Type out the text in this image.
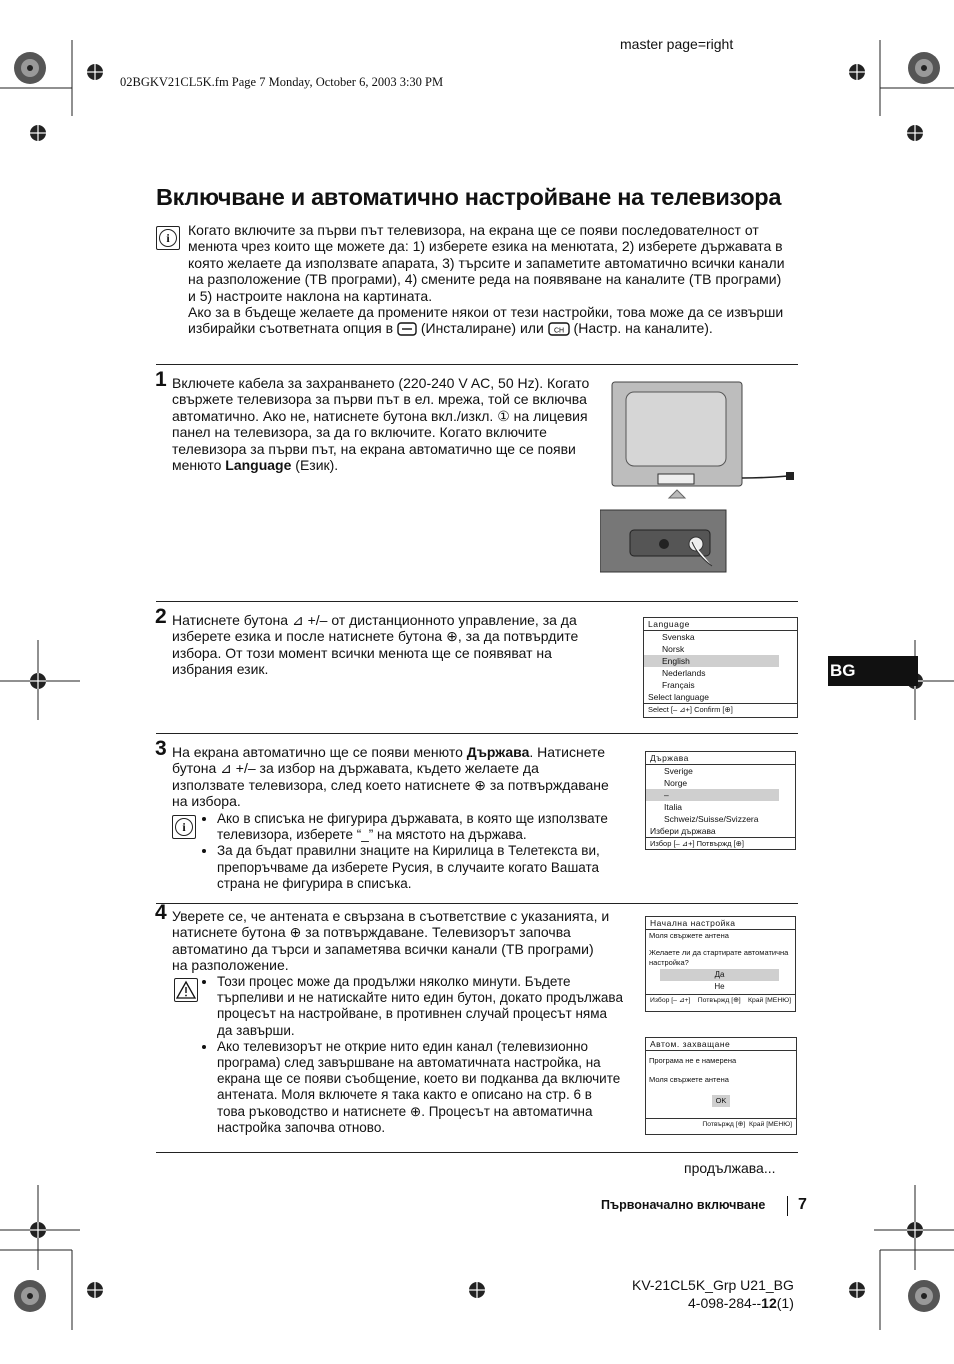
master page=right
02BGKV21CL5K.fm Page 7 Monday, October 6, 2003 3:30 PM
Включване и автоматично настройване на телевизора
i	Когато включите за първи път телевизора, на екрана ще се появи последователност от менюта чрез които ще можете да: 1) изберете езика на менютата, 2) изберете държавата в която желаете да използвате апарата, 3) търсите и запаметите автоматично всички канали на разположение (ТВ програми), 4) смените реда на появяване на каналите (ТВ програми) и 5) настроите наклона на картината.
Ако за в бъдеще желаете да промените някои от тези настройки, това може да се извърши избирайки съответната опция в  (Инсталиране) или CH (Настр. на каналите).
1 Включете кабела за захранването (220-240 V AC, 50 Hz). Когато свържете телевизора за първи път в ел. мрежа, той се включва автоматично. Ако не, натиснете бутона вкл./изкл. ① на лицевия панел на телевизора, за да го включите. Когато включите телевизора за първи път, на екрана автоматично ще се появи менюто Language (Език).
2 Натиснете бутона ⊿ +/– от дистанционното управление, за да изберете езика и после натиснете бутона ⊕, за да потвърдите избора. От този момент всички менюта ще се появяват на избрания език.
Language
Svenska
Norsk
English
Nederlands
Français
Select language
Select [– ⊿+] Confirm [⊕]
BG
3 На екрана автоматично ще се появи менюто Държава. Натиснете бутона ⊿ +/– за избор на държавата, където желаете да използвате телевизора, след което натиснете ⊕ за потвърждаване на избора.
i
• Ако в списъка не фигурира държавата, в която ще използвате телевизора, изберете “_” на мястото на държава.
• За да бъдат правилни знаците на Кирилица в Телетекста ви, препоръчваме да изберете Русия, в случаите когато Вашата страна не фигурира в списъка.
Държава
Sverige
Norge
–
Italia
Schweiz/Suisse/Svizzera
Избери държава
Избор [– ⊿+] Потвържд [⊕]
4 Уверете се, че антената е свързана в съответствие с указанията, и натиснете бутона ⊕ за потвърждаване. Телевизорът започва автоматино да търси и запаметява всички канали (ТВ програми) на разположение.
• Този процес може да продължи няколко минути. Бъдете търпеливи и не натискайте нито един бутон, докато продължава процесът на настройване, в противнен случай процесът няма да завърши.
• Ако телевизорът не открие нито един канал (телевизионно програма) след завършване на автоматичната настройка, на екрана ще се появи съобщение, което ви подканва да включите антената. Моля включете я така както е описано на стр. 6 в това ръководство и натиснете ⊕. Процесът на автоматична настройка започва отново.
Начална настройка
Моля свържете антена
Желаете ли да стартирате автоматична настройка?
Да
Не
Избор [– ⊿+] Потвържд [⊕] Край [МЕНЮ]
Автом. захващане
Програма не е намерена
Моля свържете антена
OK
Потвържд [⊕] Край [МЕНЮ]
продължава...
Първоначално включване 7
KV-21CL5K_Grp U21_BG
4-098-284--12(1)
